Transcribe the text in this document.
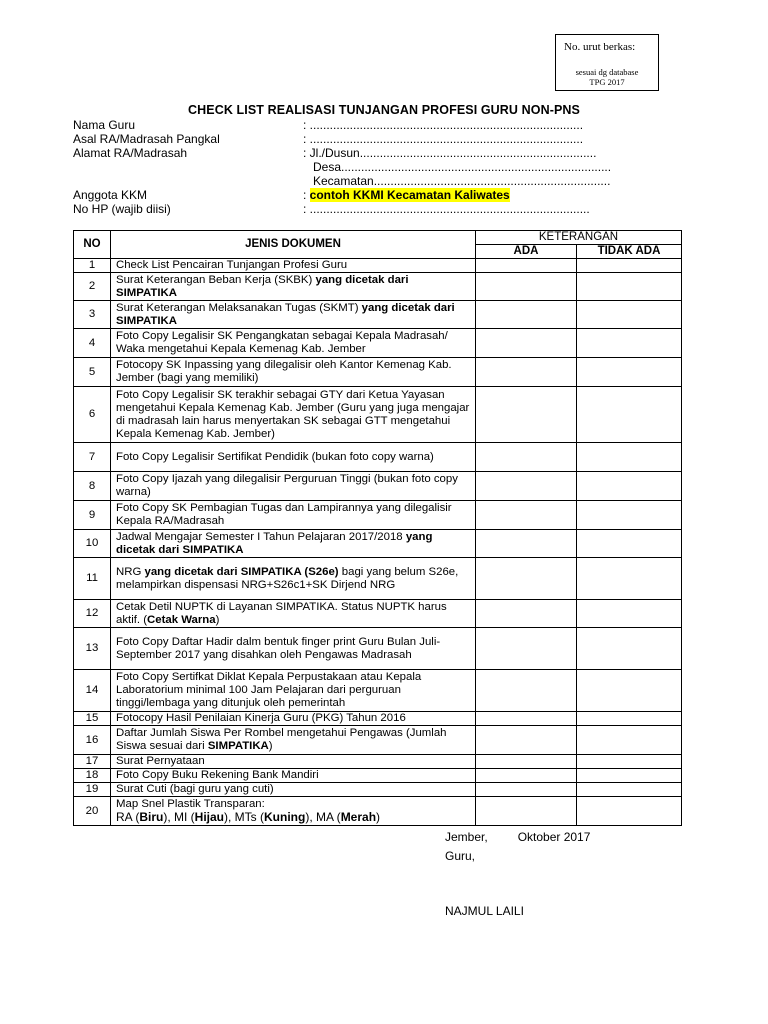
No. urut berkas:
sesuai dg database
TPG 2017
CHECK LIST REALISASI TUNJANGAN PROFESI GURU NON-PNS
Nama Guru	: ..................................................................................
Asal RA/Madrasah Pangkal	: ..................................................................................
Alamat RA/Madrasah	: Jl./Dusun.......................................................................
Desa.................................................................................
Kecamatan.......................................................................
Anggota KKM	: contoh KKMI Kecamatan Kaliwates
No HP (wajib diisi)	: ....................................................................................
NO	JENIS DOKUMEN	KETERANGAN	
		ADA	TIDAK ADA
1	Check List Pencairan Tunjangan Profesi Guru		
2	Surat Keterangan Beban Kerja (SKBK) yang dicetak dari SIMPATIKA		
3	Surat Keterangan Melaksanakan Tugas (SKMT) yang dicetak dari SIMPATIKA		
4	Foto Copy Legalisir SK Pengangkatan sebagai Kepala Madrasah/ Waka mengetahui Kepala Kemenag Kab. Jember		
5	Fotocopy SK Inpassing yang dilegalisir oleh Kantor Kemenag Kab. Jember (bagi yang memiliki)		
6	Foto Copy Legalisir SK terakhir sebagai GTY dari Ketua Yayasan mengetahui Kepala Kemenag Kab. Jember (Guru yang juga mengajar di madrasah lain harus menyertakan SK sebagai GTT mengetahui Kepala Kemenag Kab. Jember)		
7	Foto Copy Legalisir Sertifikat Pendidik (bukan foto copy warna)		
8	Foto Copy Ijazah yang dilegalisir Perguruan Tinggi (bukan foto copy warna)		
9	Foto Copy SK Pembagian Tugas dan Lampirannya yang dilegalisir Kepala RA/Madrasah		
10	Jadwal Mengajar Semester I Tahun Pelajaran 2017/2018 yang dicetak dari SIMPATIKA		
11	NRG yang dicetak dari SIMPATIKA (S26e) bagi yang belum S26e, melampirkan dispensasi NRG+S26c1+SK Dirjend NRG		
12	Cetak Detil NUPTK di Layanan SIMPATIKA. Status NUPTK harus aktif. (Cetak Warna)		
13	Foto Copy Daftar Hadir dalm bentuk finger print Guru Bulan Juli-September 2017 yang disahkan oleh Pengawas Madrasah		
14	Foto Copy Sertifkat Diklat Kepala Perpustakaan atau Kepala Laboratorium minimal 100 Jam Pelajaran dari perguruan tinggi/lembaga yang ditunjuk oleh pemerintah		
15	Fotocopy Hasil Penilaian Kinerja Guru (PKG) Tahun 2016		
16	Daftar Jumlah Siswa Per Rombel mengetahui Pengawas (Jumlah Siswa sesuai dari SIMPATIKA)		
17	Surat Pernyataan		
18	Foto Copy Buku Rekening Bank Mandiri		
19	Surat Cuti (bagi guru yang cuti)		
20	Map Snel Plastik Transparan:
RA (Biru), MI (Hijau), MTs (Kuning), MA (Merah)		

Jember,         Oktober 2017
Guru,
NAJMUL LAILI
